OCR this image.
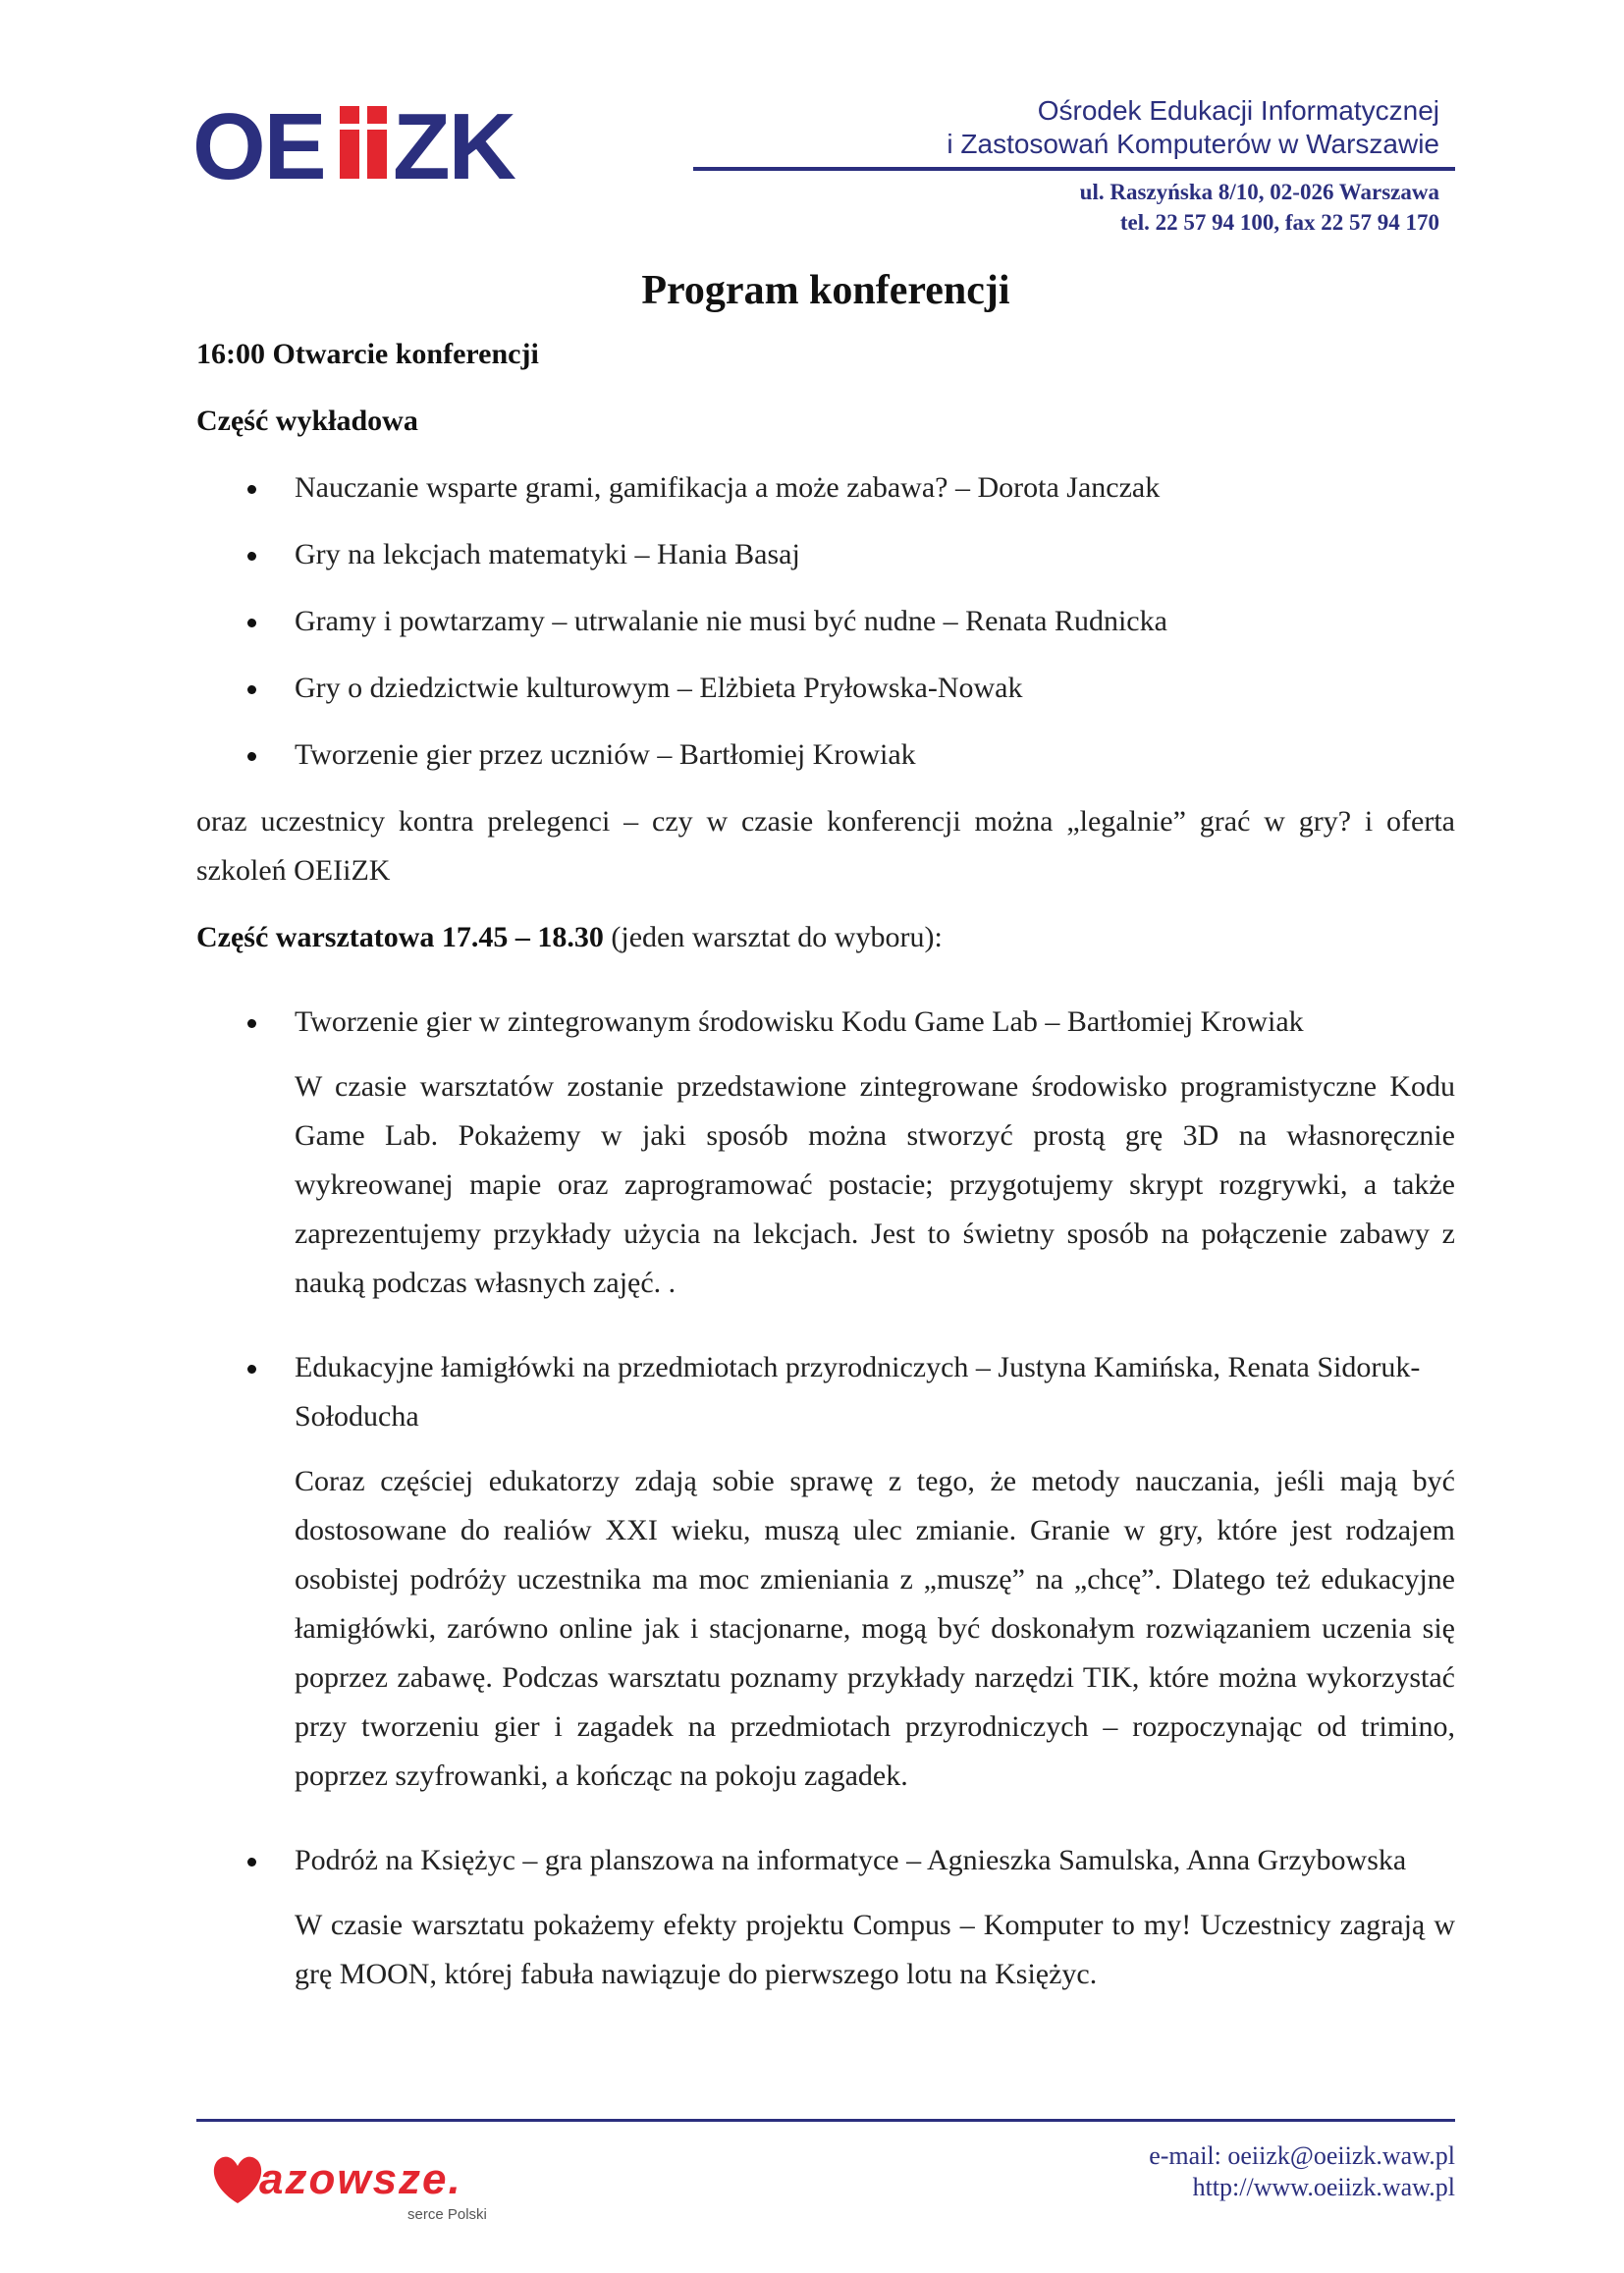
OE ZK	Ośrodek Edukacji Informatycznej
i Zastosowań Komputerów w Warszawie
ul. Raszyńska 8/10, 02-026 Warszawa
tel. 22 57 94 100, fax 22 57 94 170
Program konferencji

16:00 Otwarcie konferencji

Część wykładowa

Nauczanie wsparte grami, gamifikacja a może zabawa? – Dorota Janczak
Gry na lekcjach matematyki – Hania Basaj
Gramy i powtarzamy – utrwalanie nie musi być nudne – Renata Rudnicka
Gry o dziedzictwie kulturowym – Elżbieta Pryłowska-Nowak
Tworzenie gier przez uczniów – Bartłomiej Krowiak

oraz uczestnicy kontra prelegenci – czy w czasie konferencji można „legalnie” grać w gry? i oferta szkoleń OEIiZK

Część warsztatowa 17.45 – 18.30 (jeden warsztat do wyboru):

Tworzenie gier w zintegrowanym środowisku Kodu Game Lab – Bartłomiej Krowiak

W czasie warsztatów zostanie przedstawione zintegrowane środowisko programistyczne Kodu Game Lab. Pokażemy w jaki sposób można stworzyć prostą grę 3D na własnoręcznie wykreowanej mapie oraz zaprogramować postacie; przygotujemy skrypt rozgrywki, a także zaprezentujemy przykłady użycia na lekcjach. Jest to świetny sposób na połączenie zabawy z nauką podczas własnych zajęć. .

Edukacyjne łamigłówki na przedmiotach przyrodniczych – Justyna Kamińska, Renata Sidoruk-Sołoducha

Coraz częściej edukatorzy zdają sobie sprawę z tego, że metody nauczania, jeśli mają być dostosowane do realiów XXI wieku, muszą ulec zmianie. Granie w gry, które jest rodzajem osobistej podróży uczestnika ma moc zmieniania z „muszę” na „chcę”. Dlatego też edukacyjne łamigłówki, zarówno online jak i stacjonarne, mogą być doskonałym rozwiązaniem uczenia się poprzez zabawę. Podczas warsztatu poznamy przykłady narzędzi TIK, które można wykorzystać przy tworzeniu gier i zagadek na przedmiotach przyrodniczych – rozpoczynając od trimino, poprzez szyfrowanki, a kończąc na pokoju zagadek.

Podróż na Księżyc – gra planszowa na informatyce – Agnieszka Samulska, Anna Grzybowska

W czasie warsztatu pokażemy efekty projektu Compus – Komputer to my! Uczestnicy zagrają w grę MOON, której fabuła nawiązuje do pierwszego lotu na Księżyc.

azowsze.
serce Polski
e-mail: oeiizk@oeiizk.waw.pl
http://www.oeiizk.waw.pl
